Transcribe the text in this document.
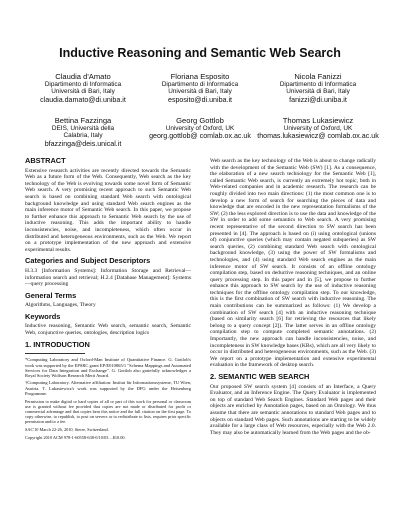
Inductive Reasoning and Semantic Web Search
Claudia d'Amato
Dipartimento di Informatica
Università di Bari, Italy
claudia.damato@di.uniba.it
Floriana Esposito
Dipartimento di Informatica
Università di Bari, Italy
esposito@di.uniba.it
Nicola Fanizzi
Dipartimento di Informatica
Università di Bari, Italy
fanizzi@di.uniba.it
Bettina Fazzinga
DEIS, Università della
Calabria, Italy
bfazzinga@deis.unical.it
Georg Gottlob
University of Oxford, UK
georg.gottlob@ comlab.ox.ac.uk
Thomas Lukasiewicz
University of Oxford, UK
thomas.lukasiewicz@ comlab.ox.ac.uk
ABSTRACT

Extensive research activities are recently directed towards the Semantic Web as a future form of the Web. Consequently, Web search as the key technology of the Web is evolving towards some novel form of Semantic Web search. A very promising recent approach to such Semantic Web search is based on combining standard Web search with ontological background knowledge and using standard Web search engines as the main inference motor of Semantic Web search. In this paper, we propose to further enhance this approach to Semantic Web search by the use of inductive reasoning. This adds the important ability to handle inconsistencies, noise, and incompleteness, which often occur in distributed and heterogeneous environments, such as the Web. We report on a prototype implementation of the new approach and extensive experimental results.

Categories and Subject Descriptors

H.3.3 [Information Systems]: Information Storage and Retrieval—information search and retrieval; H.2.4 [Database Management]: Systems—query processing

General Terms

Algorithms, Languages, Theory

Keywords

Inductive reasoning, Semantic Web search, semantic search, Semantic Web, conjunctive queries, ontologies, description logics

1. INTRODUCTION

*Computing Laboratory and Oxford-Man Institute of Quantitative Finance. G. Gottlob's work was supported by the EPSRC grant EP/E010865/1 "Schema Mappings and Automated Services for Data Integration and Exchange". G. Gottlob also gratefully acknowledges a Royal Society Wolfson Research Merit Award.

†Computing Laboratory. Alternative affiliation: Institut für Informationssysteme, TU Wien, Austria. T. Lukasiewicz's work was supported by the DFG under the Heisenberg Programme.

Permission to make digital or hard copies of all or part of this work for personal or classroom use is granted without fee provided that copies are not made or distributed for profit or commercial advantage and that copies bear this notice and the full citation on the first page. To copy otherwise, to republish, to post on servers or to redistribute to lists, requires prior specific permission and/or a fee.

SAC'10 March 22-26, 2010, Sierre, Switzerland.

Copyright 2010 ACM 978-1-60558-638-0/10/03 ...$10.00.

Web search as the key technology of the Web is about to change radically with the development of the Semantic Web (SW) [1]. As a consequence, the elaboration of a new search technology for the Semantic Web [1], called Semantic Web search, is currently an extremely hot topic, both in Web-related companies and in academic research. The research can be roughly divided into two main directions: (1) the most common one is to develop a new form of search for searching the pieces of data and knowledge that are encoded in the new representation formalisms of the SW; (2) the less explored direction is to use the data and knowledge of the SW in order to add some semantics to Web search. A very promising recent representative of the second direction to SW search has been presented in [4]. The approach is based on (i) using ontological (unions of) conjunctive queries (which may contain negated subqueries) as SW search queries, (2) combining standard Web search with ontological background knowledge, (3) using the power of SW formalisms and technologies, and (4) using standard Web search engines as the main inference motor of SW search. It consists of an offline ontology compilation step, based on deductive reasoning techniques, and an online query processing step. In this paper and in [5], we propose to further enhance this approach to SW search by the use of inductive reasoning techniques for the offline ontology compilation step. To our knowledge, this is the first combination of SW search with inductive reasoning. The main contributions can be summarized as follows: (1) We develop a combination of SW search [4] with an inductive reasoning technique (based on similarity search [6] for retrieving the resources that likely belong to a query concept [2]). The latter serves in an offline ontology compilation step to compute completed semantic annotations. (2) Importantly, the new approach can handle inconsistencies, noise, and incompleteness in SW knowledge bases (KBs), which are all very likely to occur in distributed and heterogeneous environments, such as the Web. (3) We report on a prototype implementation and extensive experimental evaluation in the framework of desktop search.

2. SEMANTIC WEB SEARCH

Our proposed SW search system [4] consists of an Interface, a Query Evaluator, and an Inference Engine. The Query Evaluator is implemented on top of standard Web Search Engines. Standard Web pages and their objects are enriched by Annotation pages, based on an Ontology. We thus assume that there are semantic annotations to standard Web pages and to objects on standard Web pages. Such annotations are starting to be widely available for a large class of Web resources, especially with the Web 2.0. They may also be automatically learned from the Web pages and the ob-
